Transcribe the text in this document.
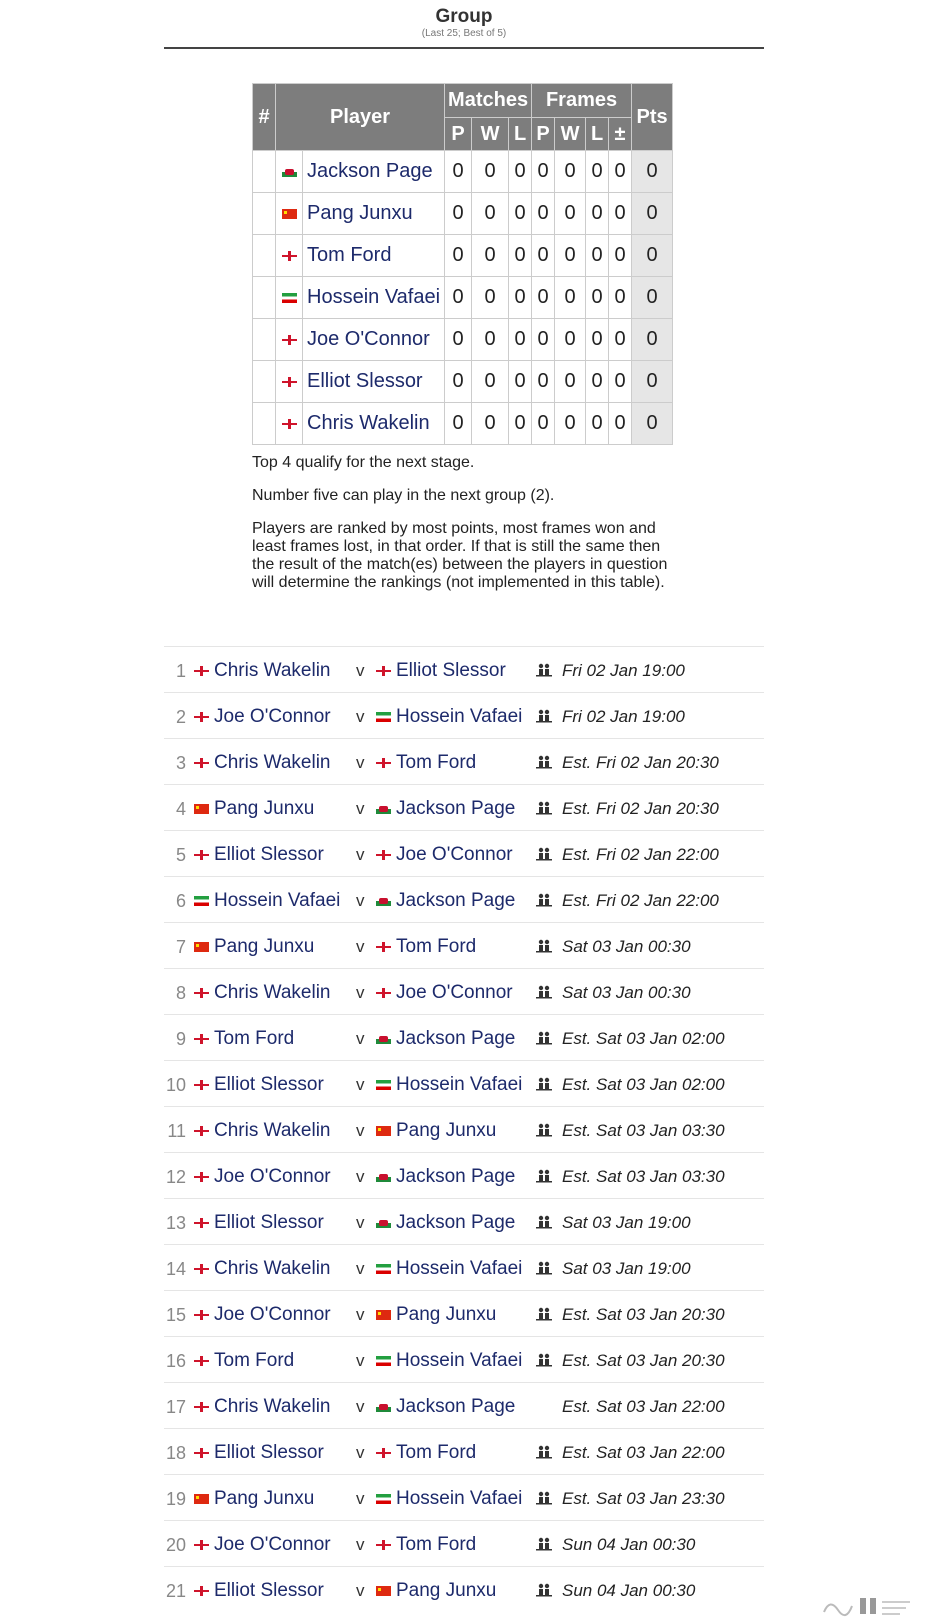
Group
(Last 25; Best of 5)
#	Player		Matches			Frames				Pts
			P	W	L	P	W	L	±	
		Jackson Page	0	0	0	0	0	0	0	0
		Pang Junxu	0	0	0	0	0	0	0	0
		Tom Ford	0	0	0	0	0	0	0	0
		Hossein Vafaei	0	0	0	0	0	0	0	0
		Joe O'Connor	0	0	0	0	0	0	0	0
		Elliot Slessor	0	0	0	0	0	0	0	0
		Chris Wakelin	0	0	0	0	0	0	0	0

Top 4 qualify for the next stage.

Number five can play in the next group (2).

Players are ranked by most points, most frames won and least frames lost, in that order. If that is still the same then the result of the match(es) between the players in question will determine the rankings (not implemented in this table).

1	Chris Wakelin v	Elliot Slessor	Fri 02 Jan 19:00
2	Joe O'Connor v	Hossein Vafaei Fri 02 Jan 19:00
3	Chris Wakelin v	Tom Ford	Est. Fri 02 Jan 20:30
4	Pang Junxu v	Jackson Page	Est. Fri 02 Jan 20:30
5	Elliot Slessor v	Joe O'Connor	Est. Fri 02 Jan 22:00
6	Hossein Vafaei v	Jackson Page	Est. Fri 02 Jan 22:00
7	Pang Junxu v	Tom Ford	Sat 03 Jan 00:30
8	Chris Wakelin v	Joe O'Connor	Sat 03 Jan 00:30
9	Tom Ford	v	Jackson Page	Est. Sat 03 Jan 02:00
10	Elliot Slessor v	Hossein Vafaei Est. Sat 03 Jan 02:00
11	Chris Wakelin v	Pang Junxu	Est. Sat 03 Jan 03:30
12	Joe O'Connor v	Jackson Page	Est. Sat 03 Jan 03:30
13	Elliot Slessor v	Jackson Page	Sat 03 Jan 19:00
14	Chris Wakelin v	Hossein Vafaei Sat 03 Jan 19:00
15	Joe O'Connor v	Pang Junxu	Est. Sat 03 Jan 20:30
16	Tom Ford	v	Hossein Vafaei Est. Sat 03 Jan 20:30
17	Chris Wakelin v	Jackson Page	Est. Sat 03 Jan 22:00
18	Elliot Slessor v	Tom Ford	Est. Sat 03 Jan 22:00
19	Pang Junxu v	Hossein Vafaei Est. Sat 03 Jan 23:30
20	Joe O'Connor v	Tom Ford	Sun 04 Jan 00:30
21	Elliot Slessor v	Pang Junxu	Sun 04 Jan 00:30
